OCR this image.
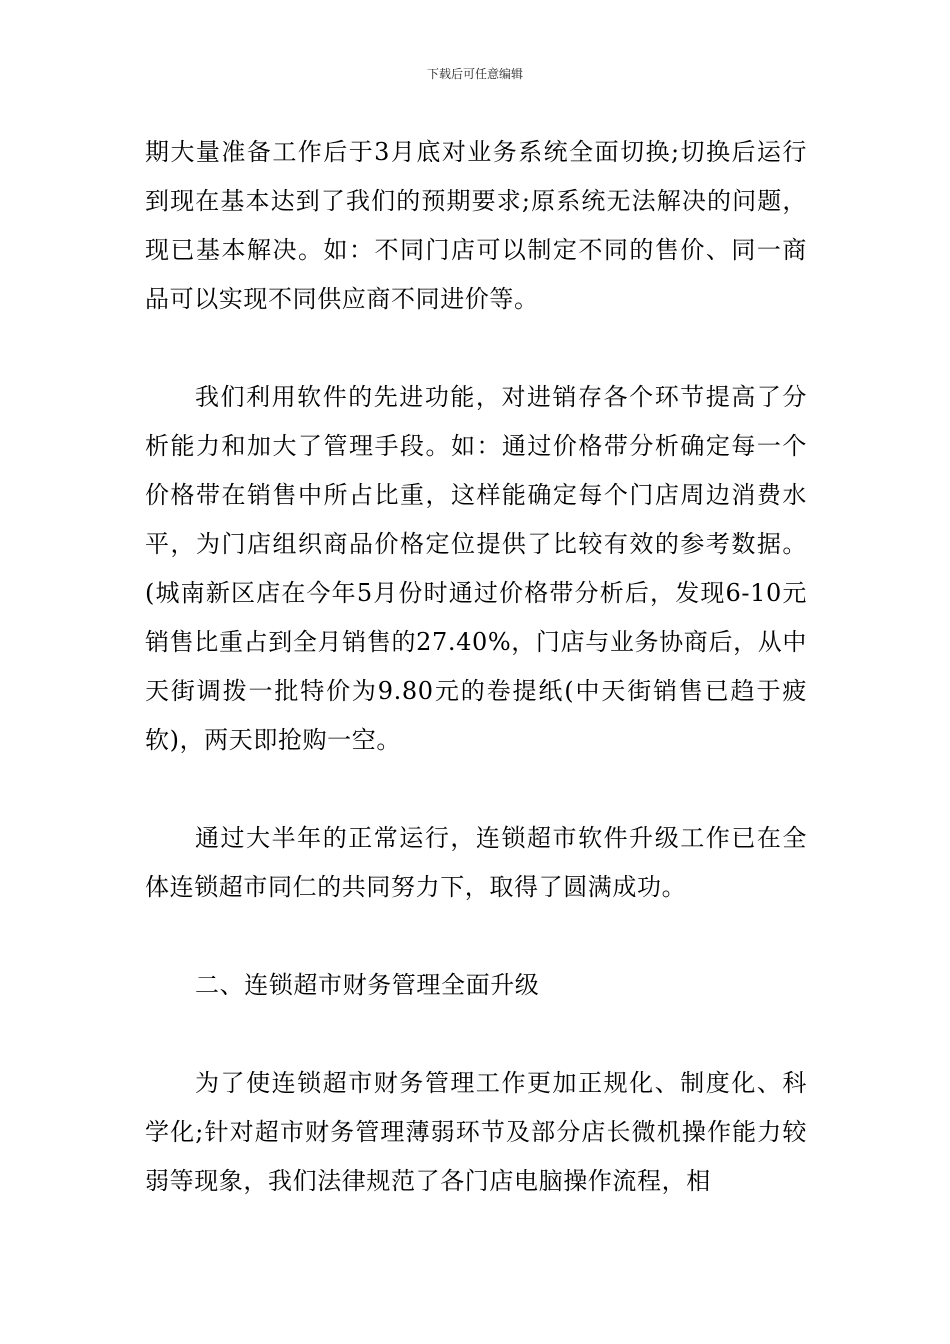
下载后可任意编辑

期大量准备工作后于3月底对业务系统全面切换;切换后运行到现在基本达到了我们的预期要求;原系统无法解决的问题，现已基本解决。如：不同门店可以制定不同的售价、同一商品可以实现不同供应商不同进价等。

我们利用软件的先进功能，对进销存各个环节提高了分析能力和加大了管理手段。如：通过价格带分析确定每一个价格带在销售中所占比重，这样能确定每个门店周边消费水平，为门店组织商品价格定位提供了比较有效的参考数据。(城南新区店在今年5月份时通过价格带分析后，发现6-10元销售比重占到全月销售的27.40%，门店与业务协商后，从中天街调拨一批特价为9.80元的卷提纸(中天街销售已趋于疲软)，两天即抢购一空。

通过大半年的正常运行，连锁超市软件升级工作已在全体连锁超市同仁的共同努力下，取得了圆满成功。

二、连锁超市财务管理全面升级

为了使连锁超市财务管理工作更加正规化、制度化、科学化;针对超市财务管理薄弱环节及部分店长微机操作能力较弱等现象，我们法律规范了各门店电脑操作流程，相
